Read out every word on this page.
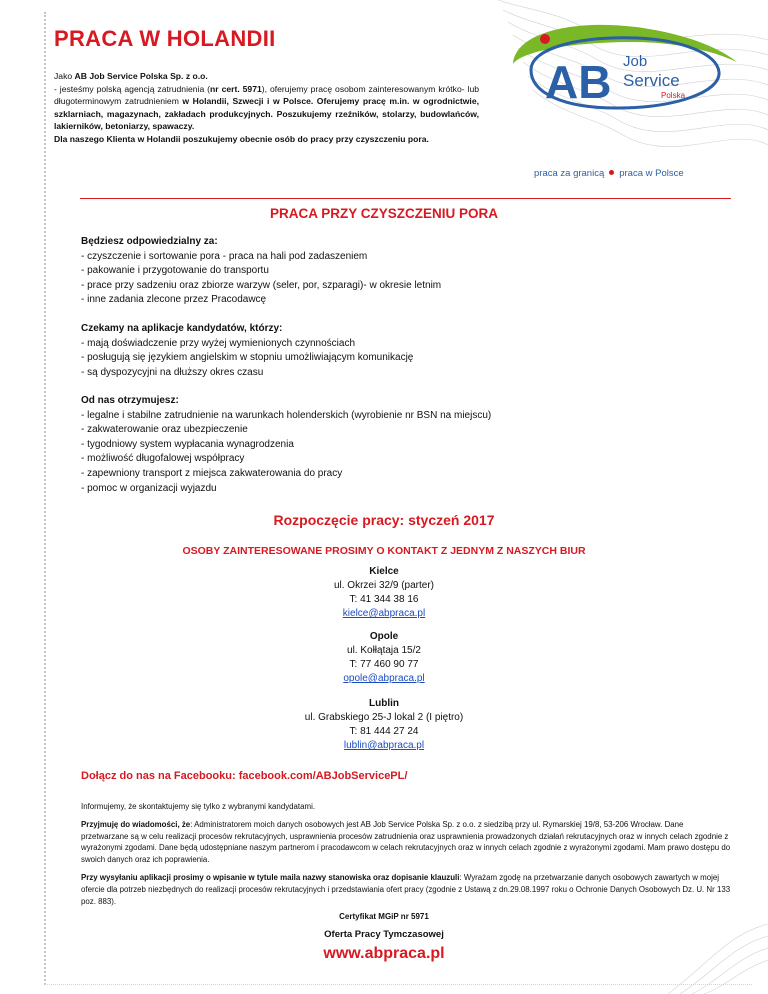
PRACA W HOLANDII

Jako AB Job Service Polska Sp. z o.o.

- jesteśmy polską agencją zatrudnienia (nr cert. 5971), oferujemy pracę osobom zainteresowanym krótko- lub długoterminowym zatrudnieniem w Holandii, Szwecji i w Polsce. Oferujemy pracę m.in. w ogrodnictwie, szklarniach, magazynach, zakładach produkcyjnych. Poszukujemy rzeźników, stolarzy, budowlańców, lakierników, betoniarzy, spawaczy.

Dla naszego Klienta w Holandii poszukujemy obecnie osób do pracy przy czyszczeniu pora.

AB Job
Service
Polska
praca za granicą praca w Polsce
PRACA PRZY CZYSZCZENIU PORA
Będziesz odpowiedzialny za:
- czyszczenie i sortowanie pora - praca na hali pod zadaszeniem
- pakowanie i przygotowanie do transportu
- prace przy sadzeniu oraz zbiorze warzyw (seler, por, szparagi)- w okresie letnim
- inne zadania zlecone przez Pracodawcę
Czekamy na aplikacje kandydatów, którzy:
- mają doświadczenie przy wyżej wymienionych czynnościach
- posługują się językiem angielskim w stopniu umożliwiającym komunikację
- są dyspozycyjni na dłuższy okres czasu
Od nas otrzymujesz:
- legalne i stabilne zatrudnienie na warunkach holenderskich (wyrobienie nr BSN na miejscu)
- zakwaterowanie oraz ubezpieczenie
- tygodniowy system wypłacania wynagrodzenia
- możliwość długofalowej współpracy
- zapewniony transport z miejsca zakwaterowania do pracy
- pomoc w organizacji wyjazdu
Rozpoczęcie pracy: styczeń 2017
OSOBY ZAINTERESOWANE PROSIMY O KONTAKT Z JEDNYM Z NASZYCH BIUR
Kielce
ul. Okrzei 32/9 (parter)
T: 41 344 38 16
kielce@abpraca.pl
Opole
ul. Kołłątaja 15/2
T: 77 460 90 77
opole@abpraca.pl
Lublin
ul. Grabskiego 25-J lokal 2 (I piętro)
T: 81 444 27 24
lublin@abpraca.pl

Dołącz do nas na Facebooku: facebook.com/ABJobServicePL/

Informujemy, że skontaktujemy się tylko z wybranymi kandydatami.

Przyjmuję do wiadomości, że: Administratorem moich danych osobowych jest AB Job Service Polska Sp. z o.o. z siedzibą przy ul. Rymarskiej 19/8, 53-206 Wrocław. Dane przetwarzane są w celu realizacji procesów rekrutacyjnych, usprawnienia procesów zatrudnienia oraz usprawnienia prowadzonych działań rekrutacyjnych oraz w innych celach zgodnie z wyrażonymi zgodami. Dane będą udostępniane naszym partnerom i pracodawcom w celach rekrutacyjnych oraz w innych celach zgodnie z wyrażonymi zgodami. Mam prawo dostępu do swoich danych oraz ich poprawienia.

Przy wysyłaniu aplikacji prosimy o wpisanie w tytule maila nazwy stanowiska oraz dopisanie klauzuli: Wyrażam zgodę na przetwarzanie danych osobowych zawartych w mojej ofercie dla potrzeb niezbędnych do realizacji procesów rekrutacyjnych i przedstawiania ofert pracy (zgodnie z Ustawą z dn.29.08.1997 roku o Ochronie Danych Osobowych Dz. U. Nr 133 poz. 883).

Certyfikat MGiP nr 5971
Oferta Pracy Tymczasowej
www.abpraca.pl
